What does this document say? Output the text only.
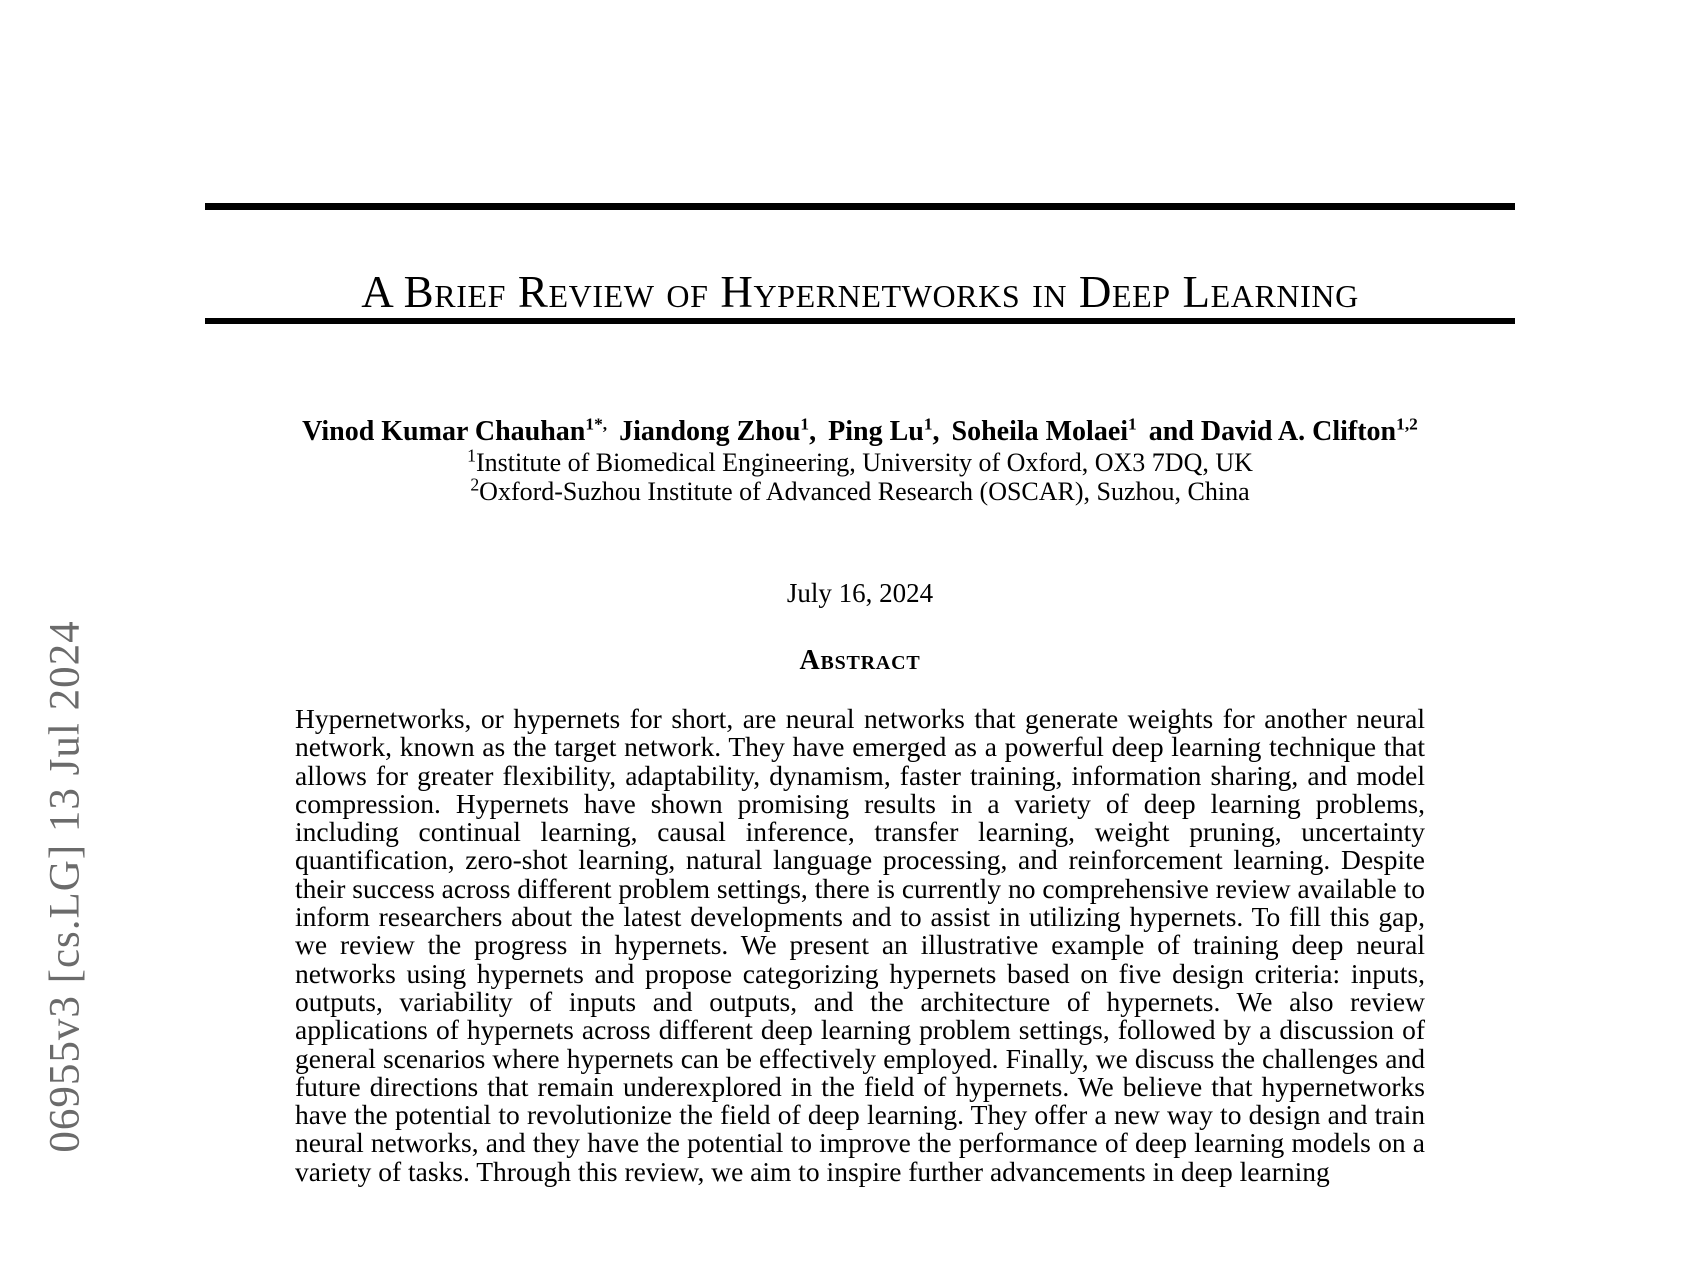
06955v3 [cs.LG] 13 Jul 2024
A Brief Review of Hypernetworks in Deep Learning
Vinod Kumar Chauhan$^{1*,}$ Jiandong Zhou$^1$, Ping Lu$^1$, Soheila Molaei$^1$ and David A. Clifton$^{1,2}$
$^1$Institute of Biomedical Engineering, University of Oxford, OX3 7DQ, UK
$^2$Oxford-Suzhou Institute of Advanced Research (OSCAR), Suzhou, China
July 16, 2024
Abstract
Hypernetworks, or hypernets for short, are neural networks that generate weights for another neural network, known as the target network. They have emerged as a powerful deep learning technique that allows for greater flexibility, adaptability, dynamism, faster training, information sharing, and model compression. Hypernets have shown promising results in a variety of deep learning problems, including continual learning, causal inference, transfer learning, weight pruning, uncertainty quantification, zero-shot learning, natural language processing, and reinforcement learning. Despite their success across different problem settings, there is currently no comprehensive review available to inform researchers about the latest developments and to assist in utilizing hypernets. To fill this gap, we review the progress in hypernets. We present an illustrative example of training deep neural networks using hypernets and propose categorizing hypernets based on five design criteria: inputs, outputs, variability of inputs and outputs, and the architecture of hypernets. We also review applications of hypernets across different deep learning problem settings, followed by a discussion of general scenarios where hypernets can be effectively employed. Finally, we discuss the challenges and future directions that remain underexplored in the field of hypernets. We believe that hypernetworks have the potential to revolutionize the field of deep learning. They offer a new way to design and train neural networks, and they have the potential to improve the performance of deep learning models on a variety of tasks. Through this review, we aim to inspire further advancements in deep learning
